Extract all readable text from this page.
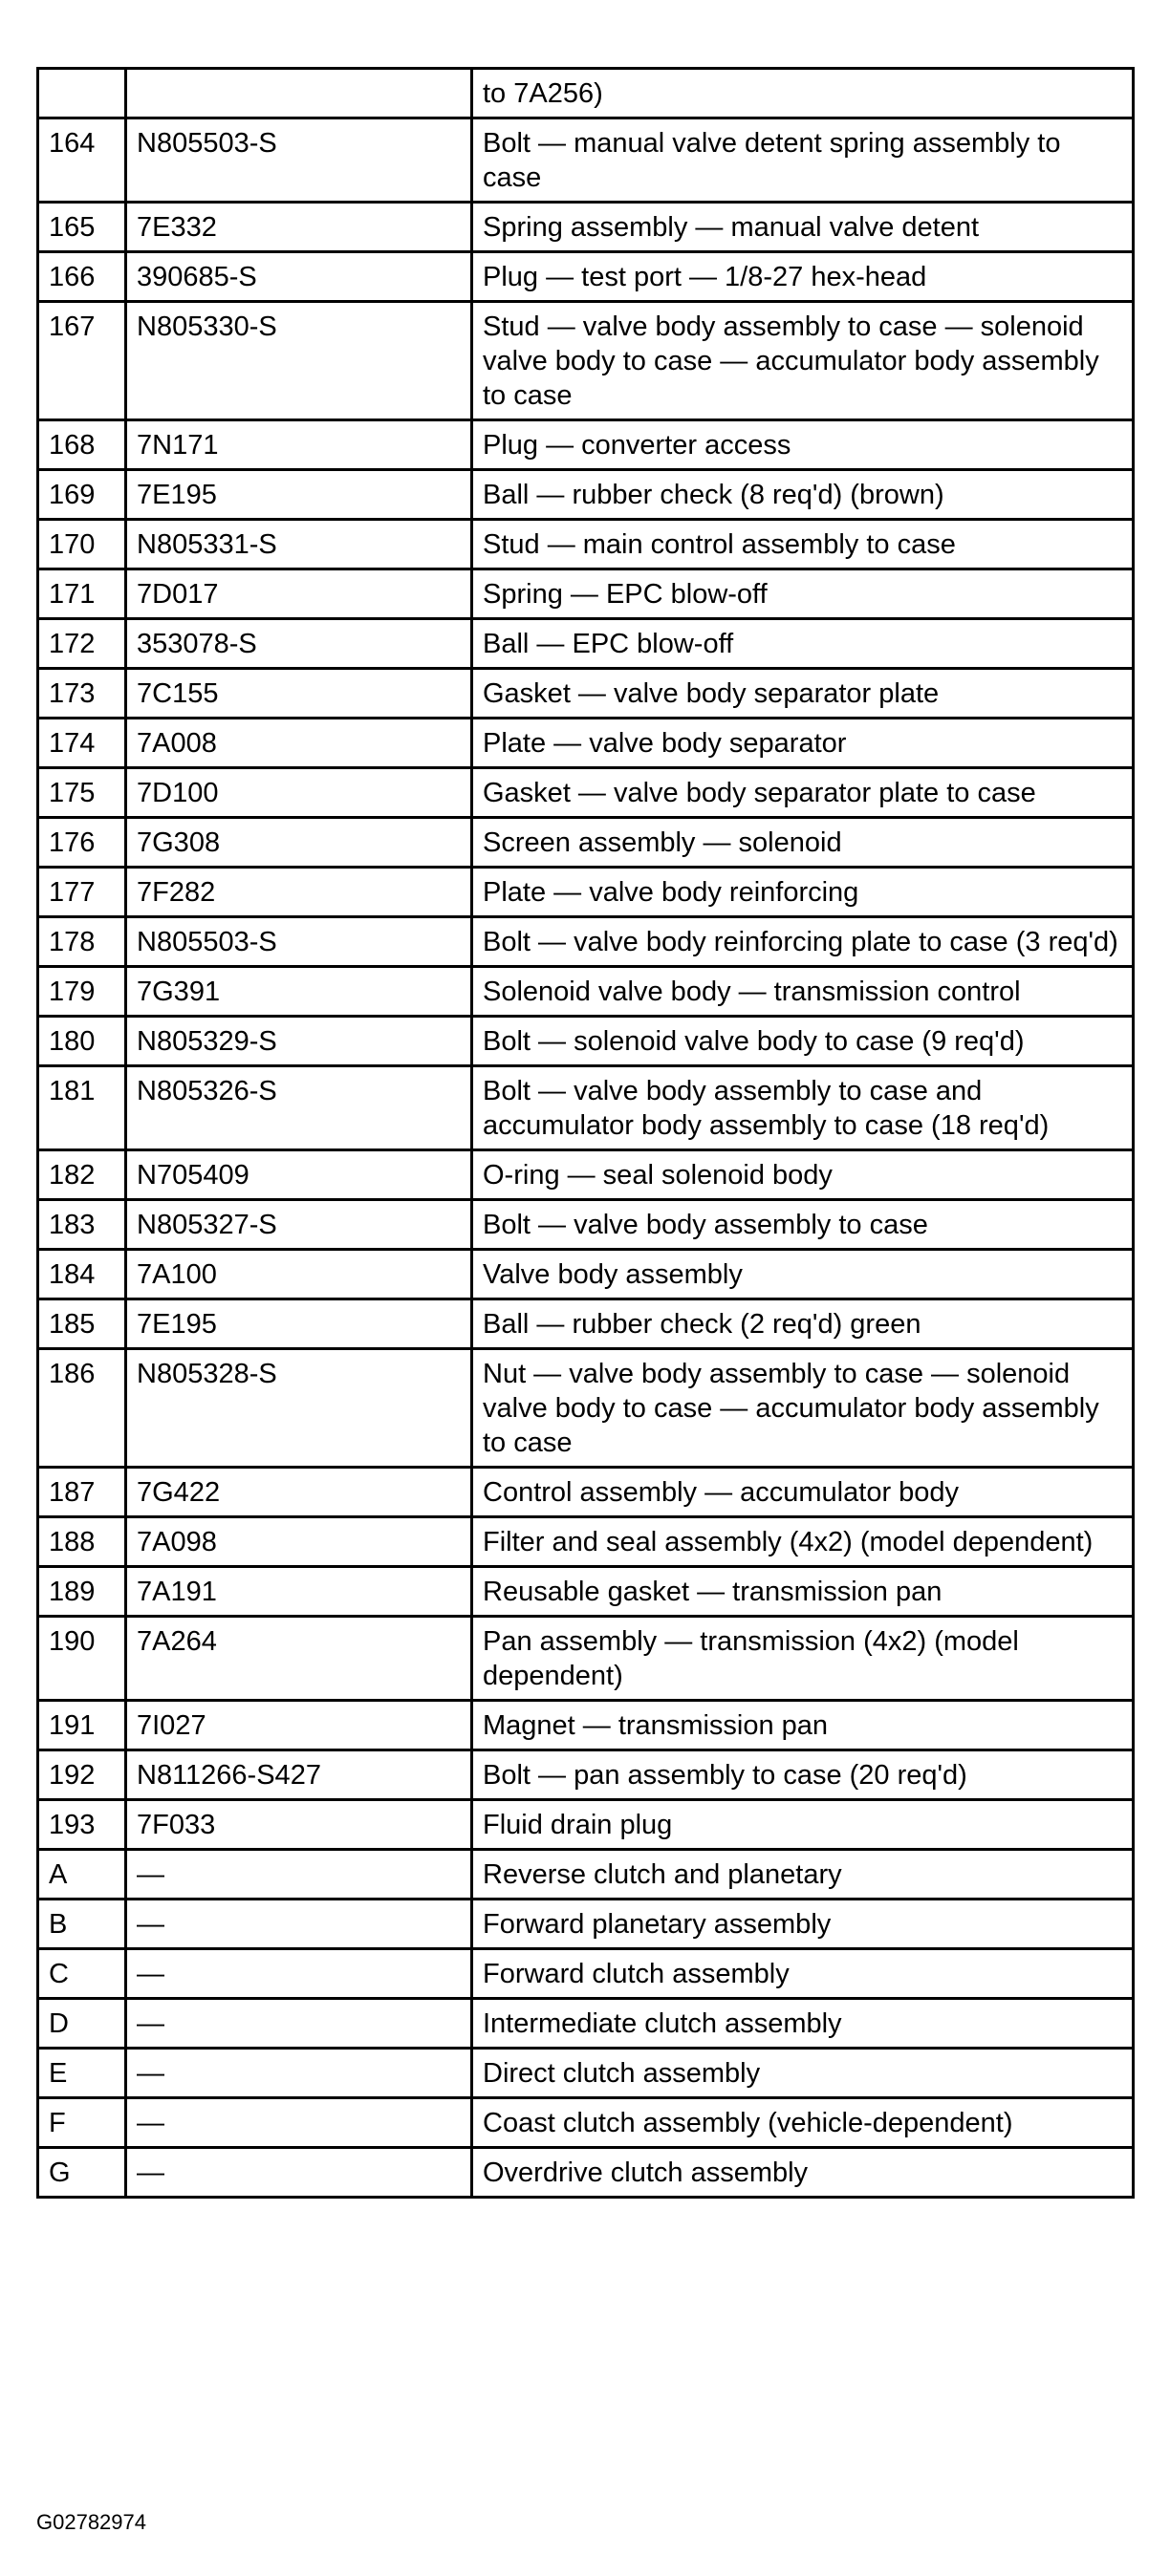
		to 7A256)
164	N805503-S	Bolt — manual valve detent spring assembly to case
165	7E332	Spring assembly — manual valve detent
166	390685-S	Plug — test port — 1/8-27 hex-head
167	N805330-S	Stud — valve body assembly to case — solenoid valve body to case — accumulator body assembly to case
168	7N171	Plug — converter access
169	7E195	Ball — rubber check (8 req'd) (brown)
170	N805331-S	Stud — main control assembly to case
171	7D017	Spring — EPC blow-off
172	353078-S	Ball — EPC blow-off
173	7C155	Gasket — valve body separator plate
174	7A008	Plate — valve body separator
175	7D100	Gasket — valve body separator plate to case
176	7G308	Screen assembly — solenoid
177	7F282	Plate — valve body reinforcing
178	N805503-S	Bolt — valve body reinforcing plate to case (3 req'd)
179	7G391	Solenoid valve body — transmission control
180	N805329-S	Bolt — solenoid valve body to case (9 req'd)
181	N805326-S	Bolt — valve body assembly to case and accumulator body assembly to case (18 req'd)
182	N705409	O-ring — seal solenoid body
183	N805327-S	Bolt — valve body assembly to case
184	7A100	Valve body assembly
185	7E195	Ball — rubber check (2 req'd) green
186	N805328-S	Nut — valve body assembly to case — solenoid valve body to case — accumulator body assembly to case
187	7G422	Control assembly — accumulator body
188	7A098	Filter and seal assembly (4x2) (model dependent)
189	7A191	Reusable gasket — transmission pan
190	7A264	Pan assembly — transmission (4x2) (model dependent)
191	7I027	Magnet — transmission pan
192	N811266-S427	Bolt — pan assembly to case (20 req'd)
193	7F033	Fluid drain plug
A	—	Reverse clutch and planetary
B	—	Forward planetary assembly
C	—	Forward clutch assembly
D	—	Intermediate clutch assembly
E	—	Direct clutch assembly
F	—	Coast clutch assembly (vehicle-dependent)
G	—	Overdrive clutch assembly
G02782974
